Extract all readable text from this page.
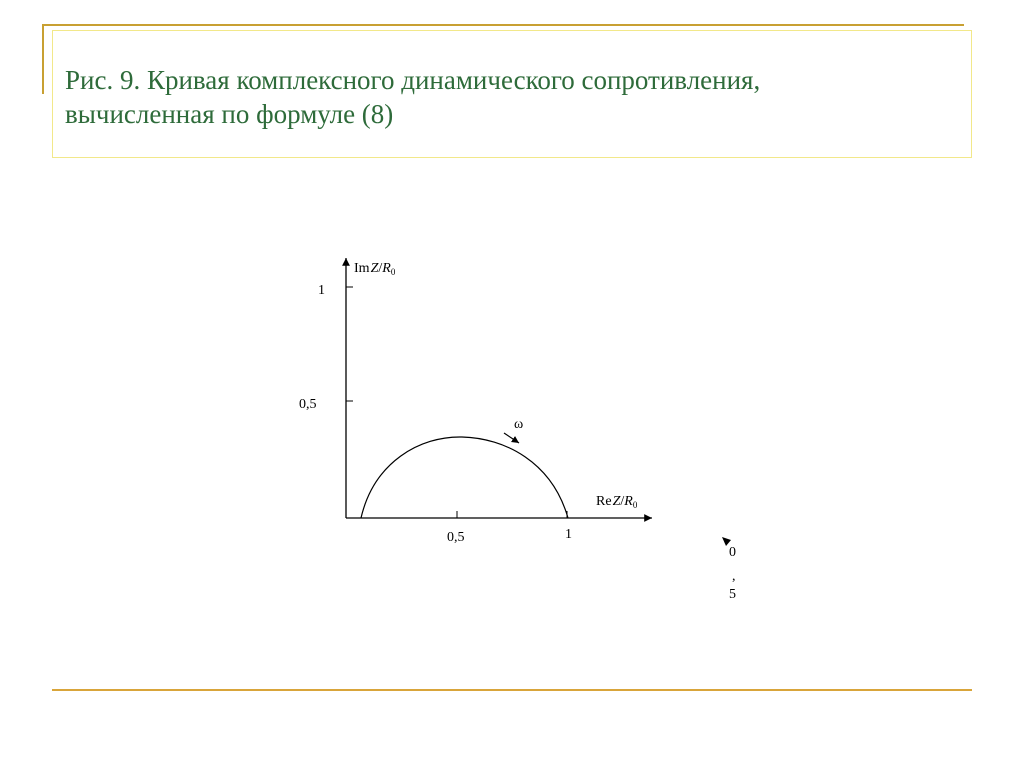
Рис. 9. Кривая комплексного динамического сопротивления,
вычисленная по формуле (8)
1
0,5
0,5	1
ImZ/$R_0$
ReZ/$R_0$
ω
0
,
5
